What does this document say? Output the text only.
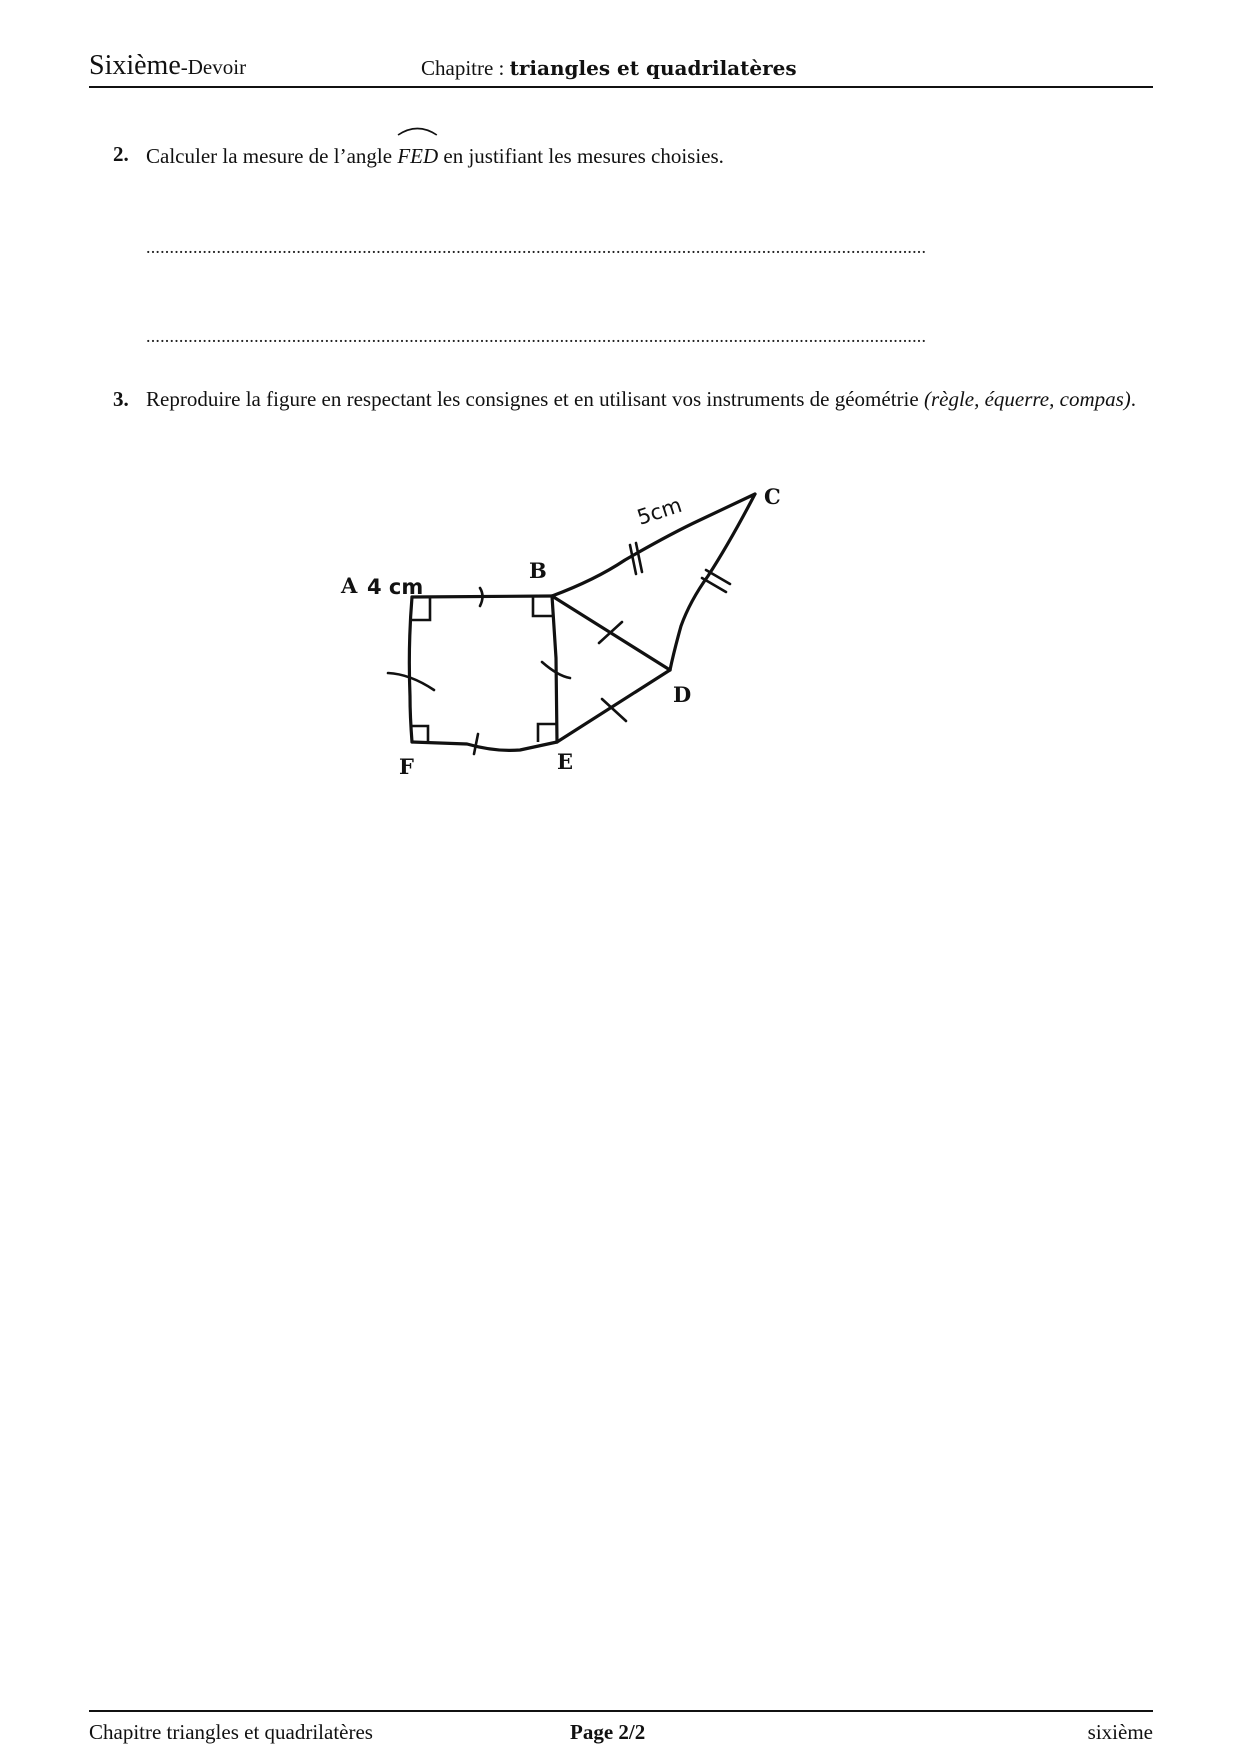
Sixième-Devoir	Chapitre : triangles et quadrilatères
2. Calculer la mesure de l’angle
FED en justifiant les mesures choisies.
......................................................................................................................................................................
......................................................................................................................................................................
3. Reproduire la figure en respectant les consignes et en utilisant vos instruments de géométrie (règle, équerre, compas).
A
B
C
D
E
F
4 cm
5cm
Chapitre triangles et quadrilatères	Page 2/2	sixième
